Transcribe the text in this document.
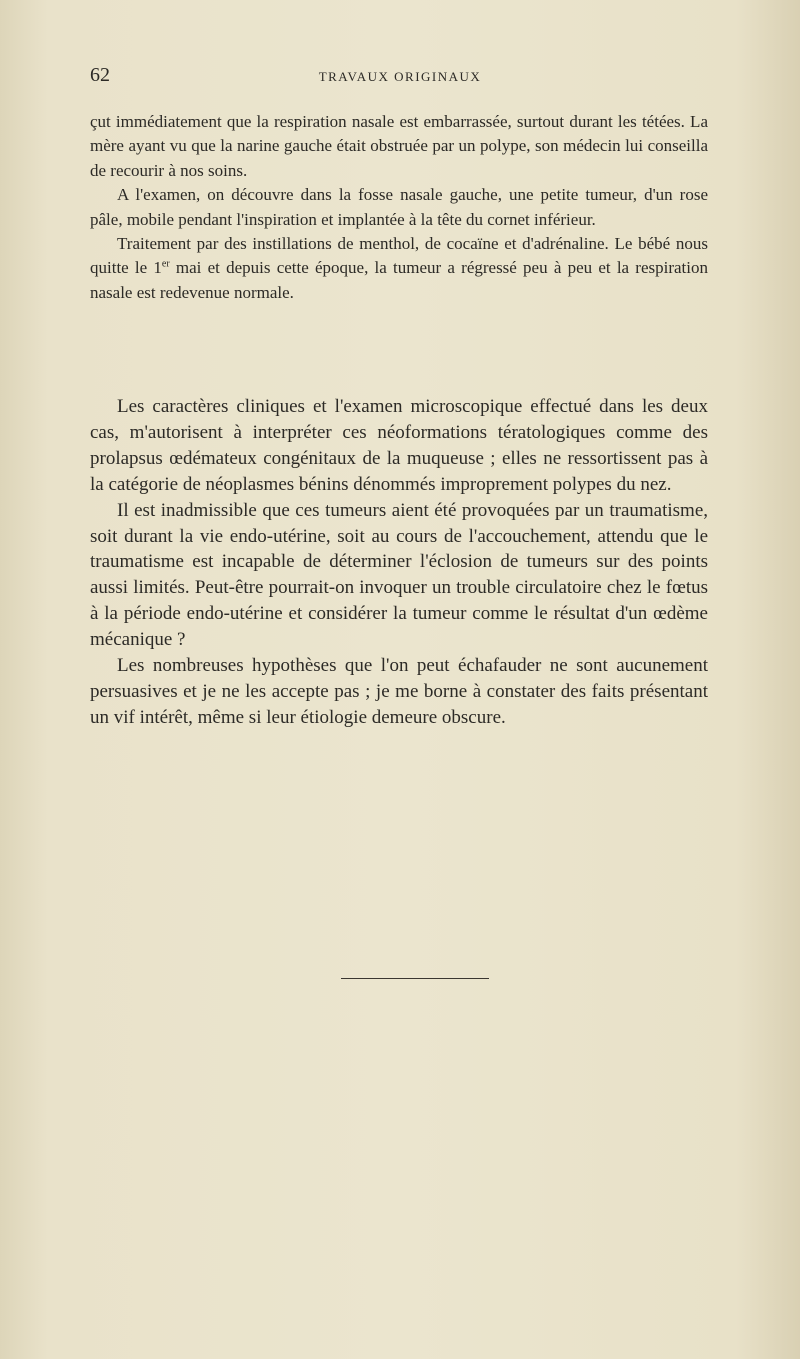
62	TRAVAUX ORIGINAUX

çut immédiatement que la respiration nasale est embarrassée, surtout durant les tétées. La mère ayant vu que la narine gauche était obstruée par un polype, son médecin lui conseilla de recourir à nos soins.

A l'examen, on découvre dans la fosse nasale gauche, une petite tumeur, d'un rose pâle, mobile pendant l'inspiration et implantée à la tête du cornet inférieur.

Traitement par des instillations de menthol, de cocaïne et d'adrénaline. Le bébé nous quitte le 1er mai et depuis cette époque, la tumeur a régressé peu à peu et la respiration nasale est redevenue normale.

Les caractères cliniques et l'examen microscopique effectué dans les deux cas, m'autorisent à interpréter ces néoformations tératologiques comme des prolapsus œdémateux congénitaux de la muqueuse ; elles ne ressortissent pas à la catégorie de néoplasmes bénins dénommés improprement polypes du nez.

Il est inadmissible que ces tumeurs aient été provoquées par un traumatisme, soit durant la vie endo-utérine, soit au cours de l'accouchement, attendu que le traumatisme est incapable de déterminer l'éclosion de tumeurs sur des points aussi limités. Peut-être pourrait-on invoquer un trouble circulatoire chez le fœtus à la période endo-utérine et considérer la tumeur comme le résultat d'un œdème mécanique ?

Les nombreuses hypothèses que l'on peut échafauder ne sont aucunement persuasives et je ne les accepte pas ; je me borne à constater des faits présentant un vif intérêt, même si leur étiologie demeure obscure.
